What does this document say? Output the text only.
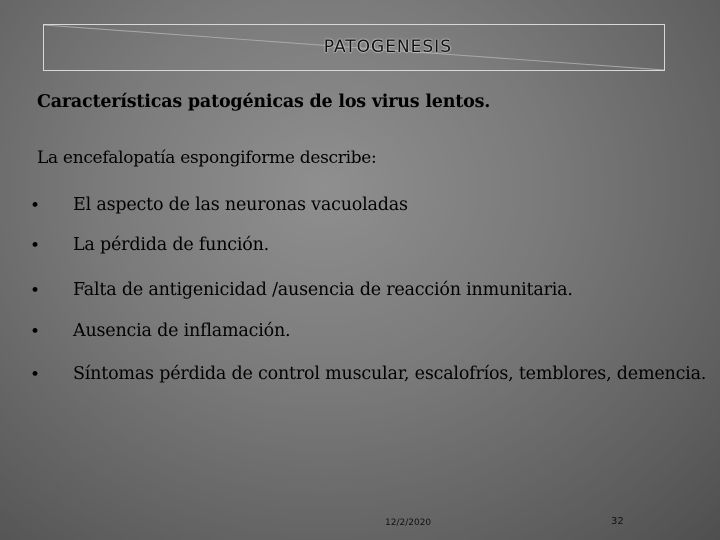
PATOGENESIS
Características patogénicas de los virus lentos.
La encefalopatía espongiforme describe:
• El aspecto de las neuronas vacuoladas
• La pérdida de función.
• Falta de antigenicidad /ausencia de reacción inmunitaria.
• Ausencia de inflamación.
• Síntomas pérdida de control muscular, escalofríos, temblores, demencia.
12/2/2020	32
